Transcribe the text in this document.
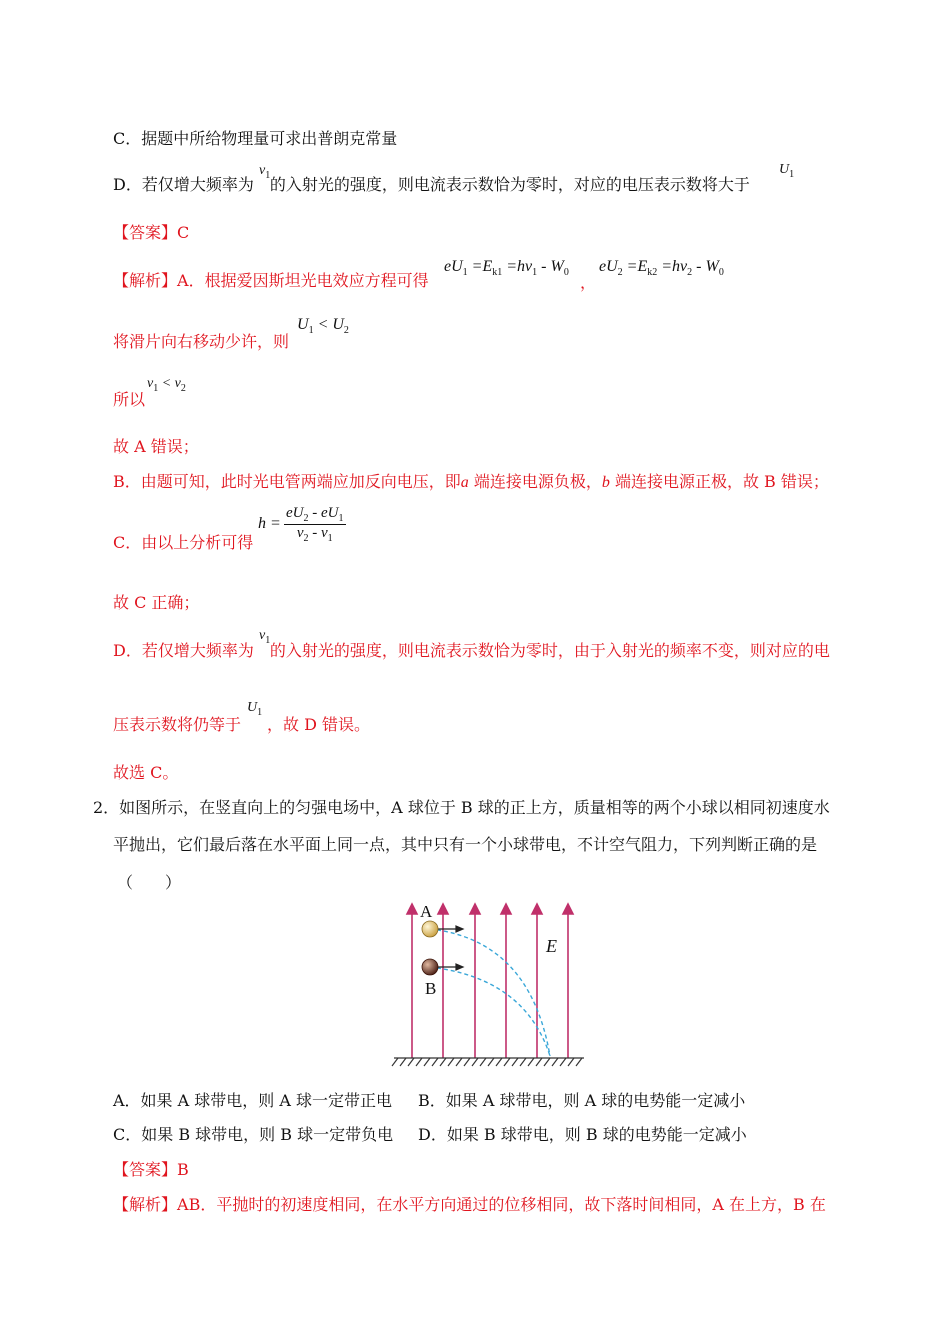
C．据题中所给物理量可求出普朗克常量
D．若仅增大频率为 的入射光的强度，则电流表示数恰为零时，对应的电压表示数将大于
$\nu_1$	$U_1$
【答案】C
【解析】A．根据爱因斯坦光电效应方程可得
$eU_1 =E_{k1} =h\nu_1 - W_0$
，
$eU_2 =E_{k2} =h\nu_2 - W_0$
将滑片向右移动少许，则
$U_1 < U_2$
所以
$\nu_1 < \nu_2$
故 A 错误；
B．由题可知，此时光电管两端应加反向电压，即a 端连接电源负极，b 端连接电源正极，故 B 错误；
C．由以上分析可得
$h = \frac{eU_2 - eU_1}{\nu_2 - \nu_1}$
故 C 正确；
D．若仅增大频率为 的入射光的强度，则电流表示数恰为零时，由于入射光的频率不变，则对应的电
$\nu_1$
压表示数将仍等于 ，故 D 错误。
$U_1$
故选 C。
2．如图所示，在竖直向上的匀强电场中，A 球位于 B 球的正上方，质量相等的两个小球以相同初速度水
平抛出，它们最后落在水平面上同一点，其中只有一个小球带电，不计空气阻力，下列判断正确的是
（　　）
A
B
E
A．如果 A 球带电，则 A 球一定带正电 B．如果 A 球带电，则 A 球的电势能一定减小
C．如果 B 球带电，则 B 球一定带负电 D．如果 B 球带电，则 B 球的电势能一定减小
【答案】B
【解析】AB．平抛时的初速度相同，在水平方向通过的位移相同，故下落时间相同，A 在上方，B 在
